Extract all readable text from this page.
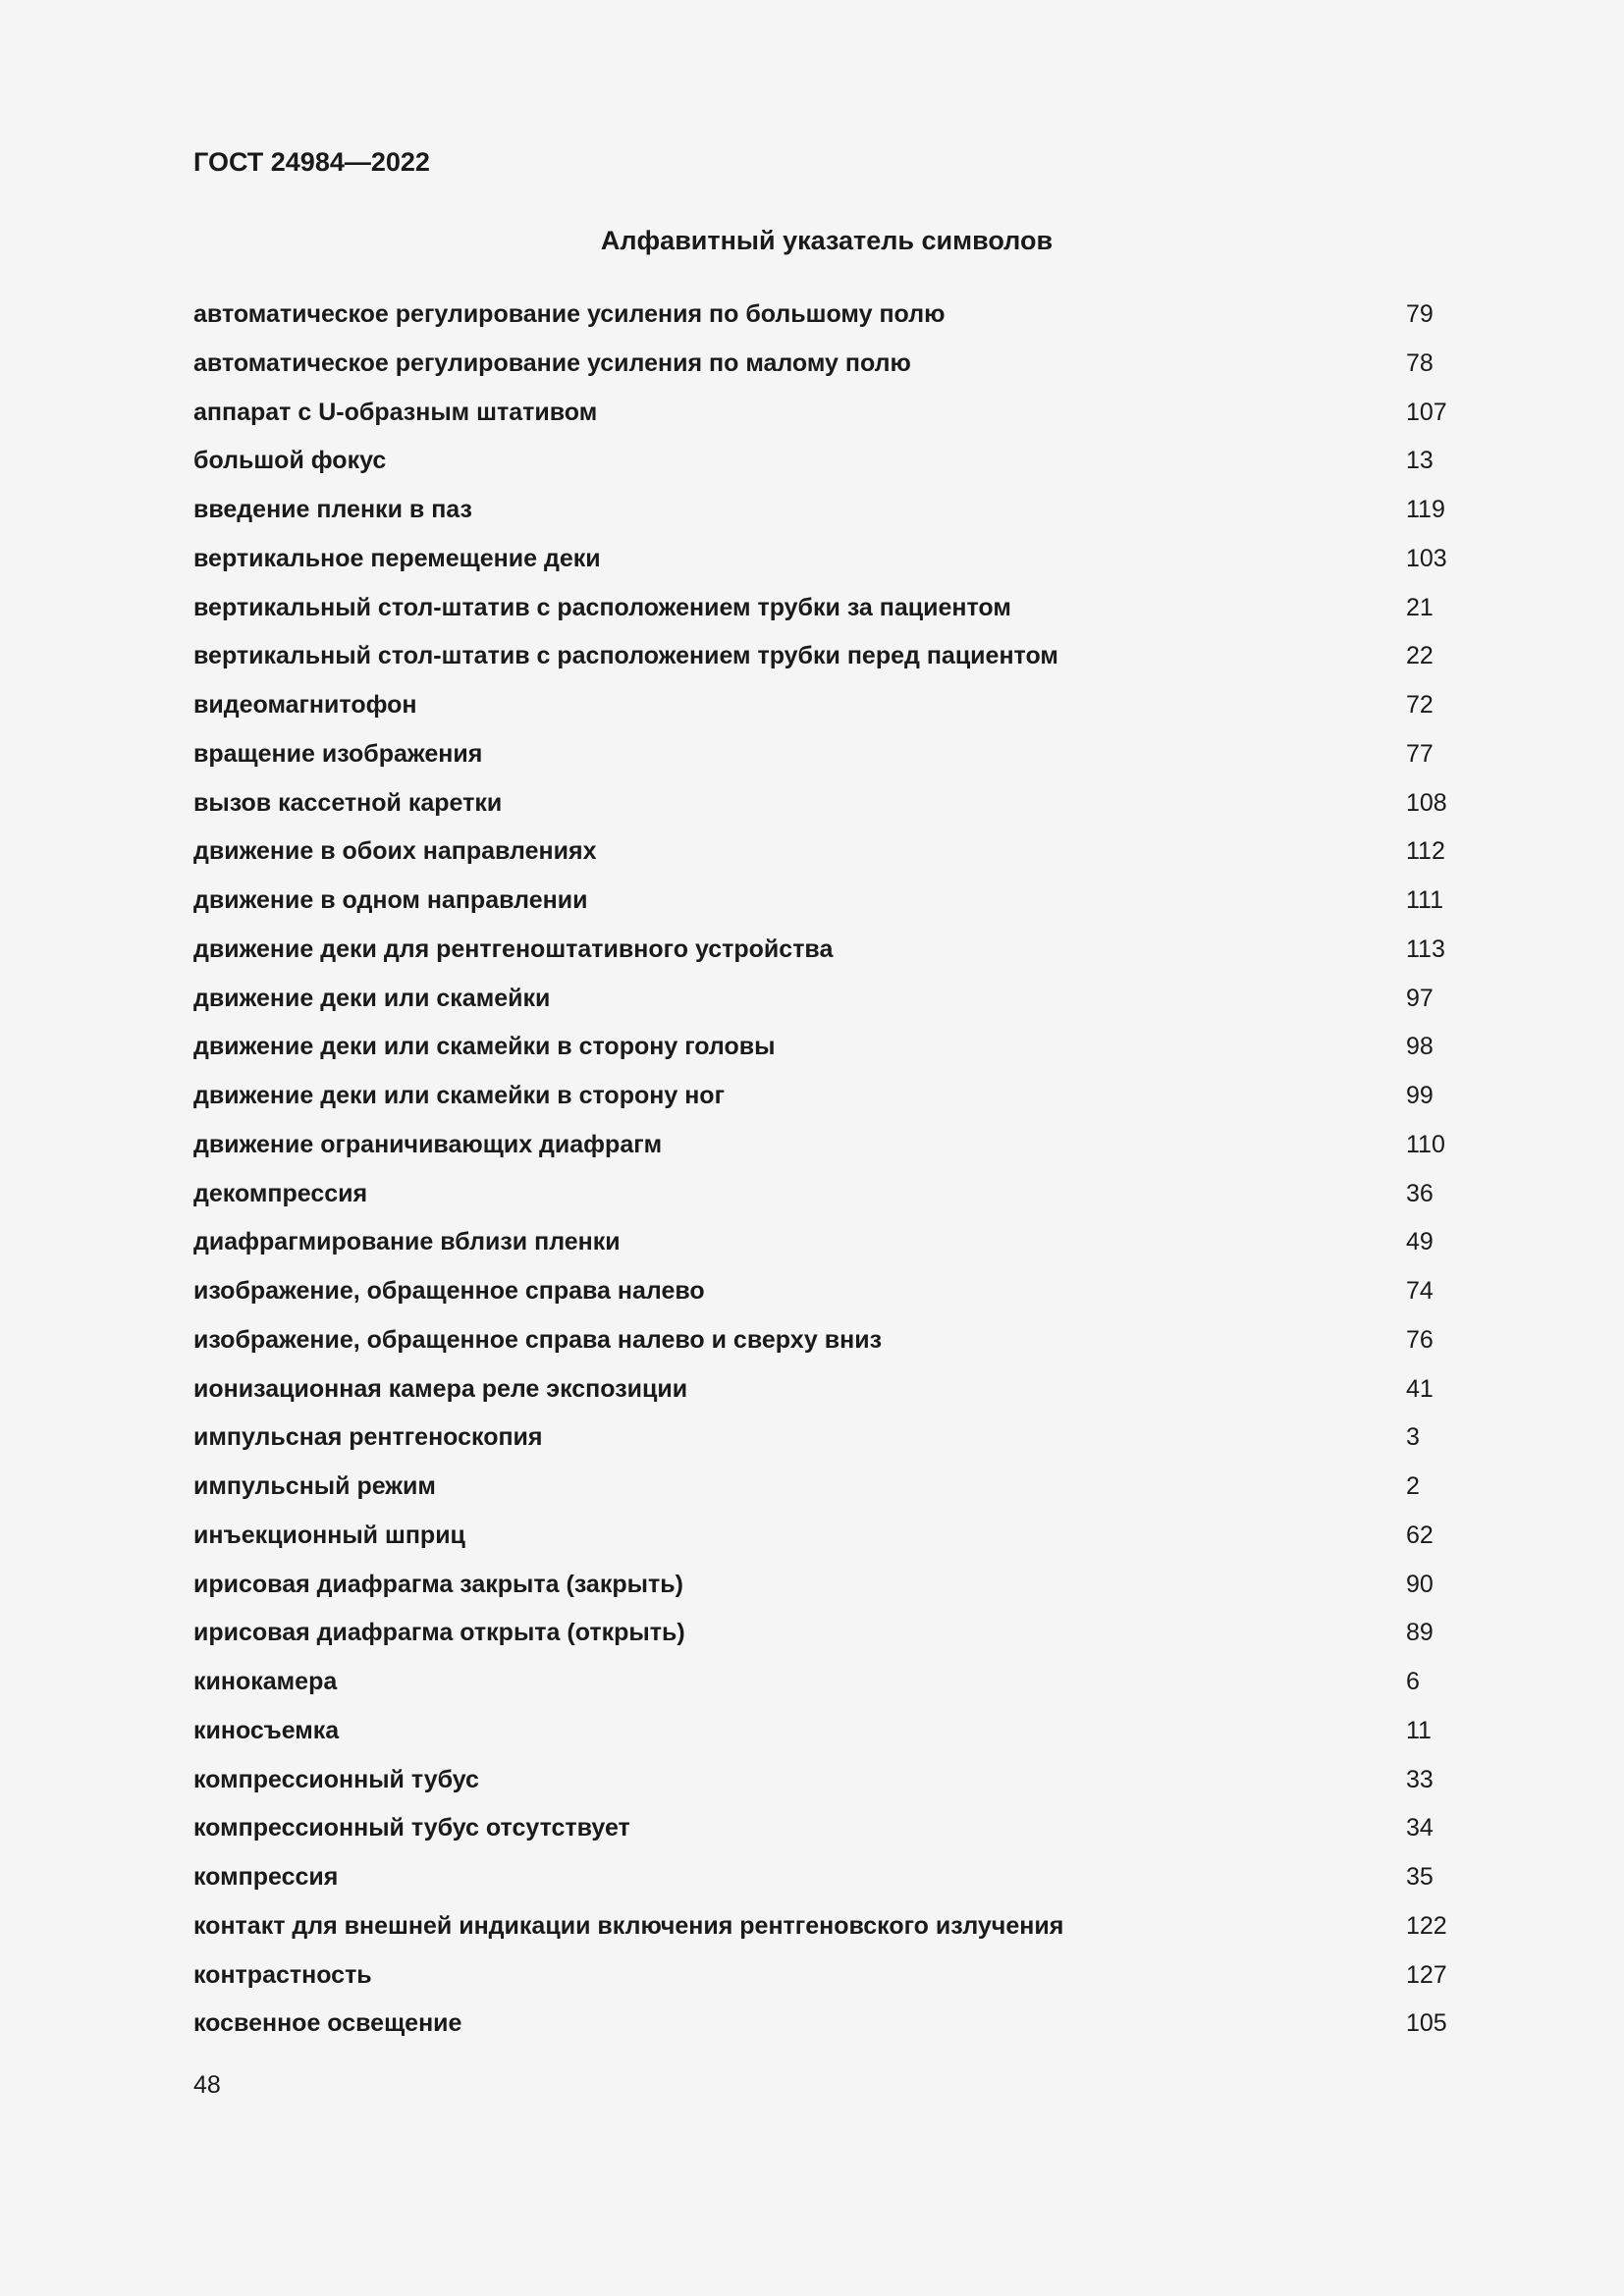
ГОСТ 24984—2022
Алфавитный указатель символов
автоматическое регулирование усиления по большому полю	79
автоматическое регулирование усиления по малому полю	78
аппарат с U-образным штативом	107
большой фокус	13
введение пленки в паз	119
вертикальное перемещение деки	103
вертикальный стол-штатив с расположением трубки за пациентом	21
вертикальный стол-штатив с расположением трубки перед пациентом	22
видеомагнитофон	72
вращение изображения	77
вызов кассетной каретки	108
движение в обоих направлениях	112
движение в одном направлении	111
движение деки для рентгенoштативного устройства	113
движение деки или скамейки	97
движение деки или скамейки в сторону головы	98
движение деки или скамейки в сторону ног	99
движение ограничивающих диафрагм	110
декомпрессия	36
диафрагмирование вблизи пленки	49
изображение, обращенное справа налево	74
изображение, обращенное справа налево и сверху вниз	76
ионизационная камера реле экспозиции	41
импульсная рентгеноскопия	3
импульсный режим	2
инъекционный шприц	62
ирисовая диафрагма закрыта (закрыть)	90
ирисовая диафрагма открыта (открыть)	89
кинокамера	6
киносъемка	11
компрессионный тубус	33
компрессионный тубус отсутствует	34
компрессия	35
контакт для внешней индикации включения рентгеновского излучения	122
контрастность	127
косвенное освещение	105
48
